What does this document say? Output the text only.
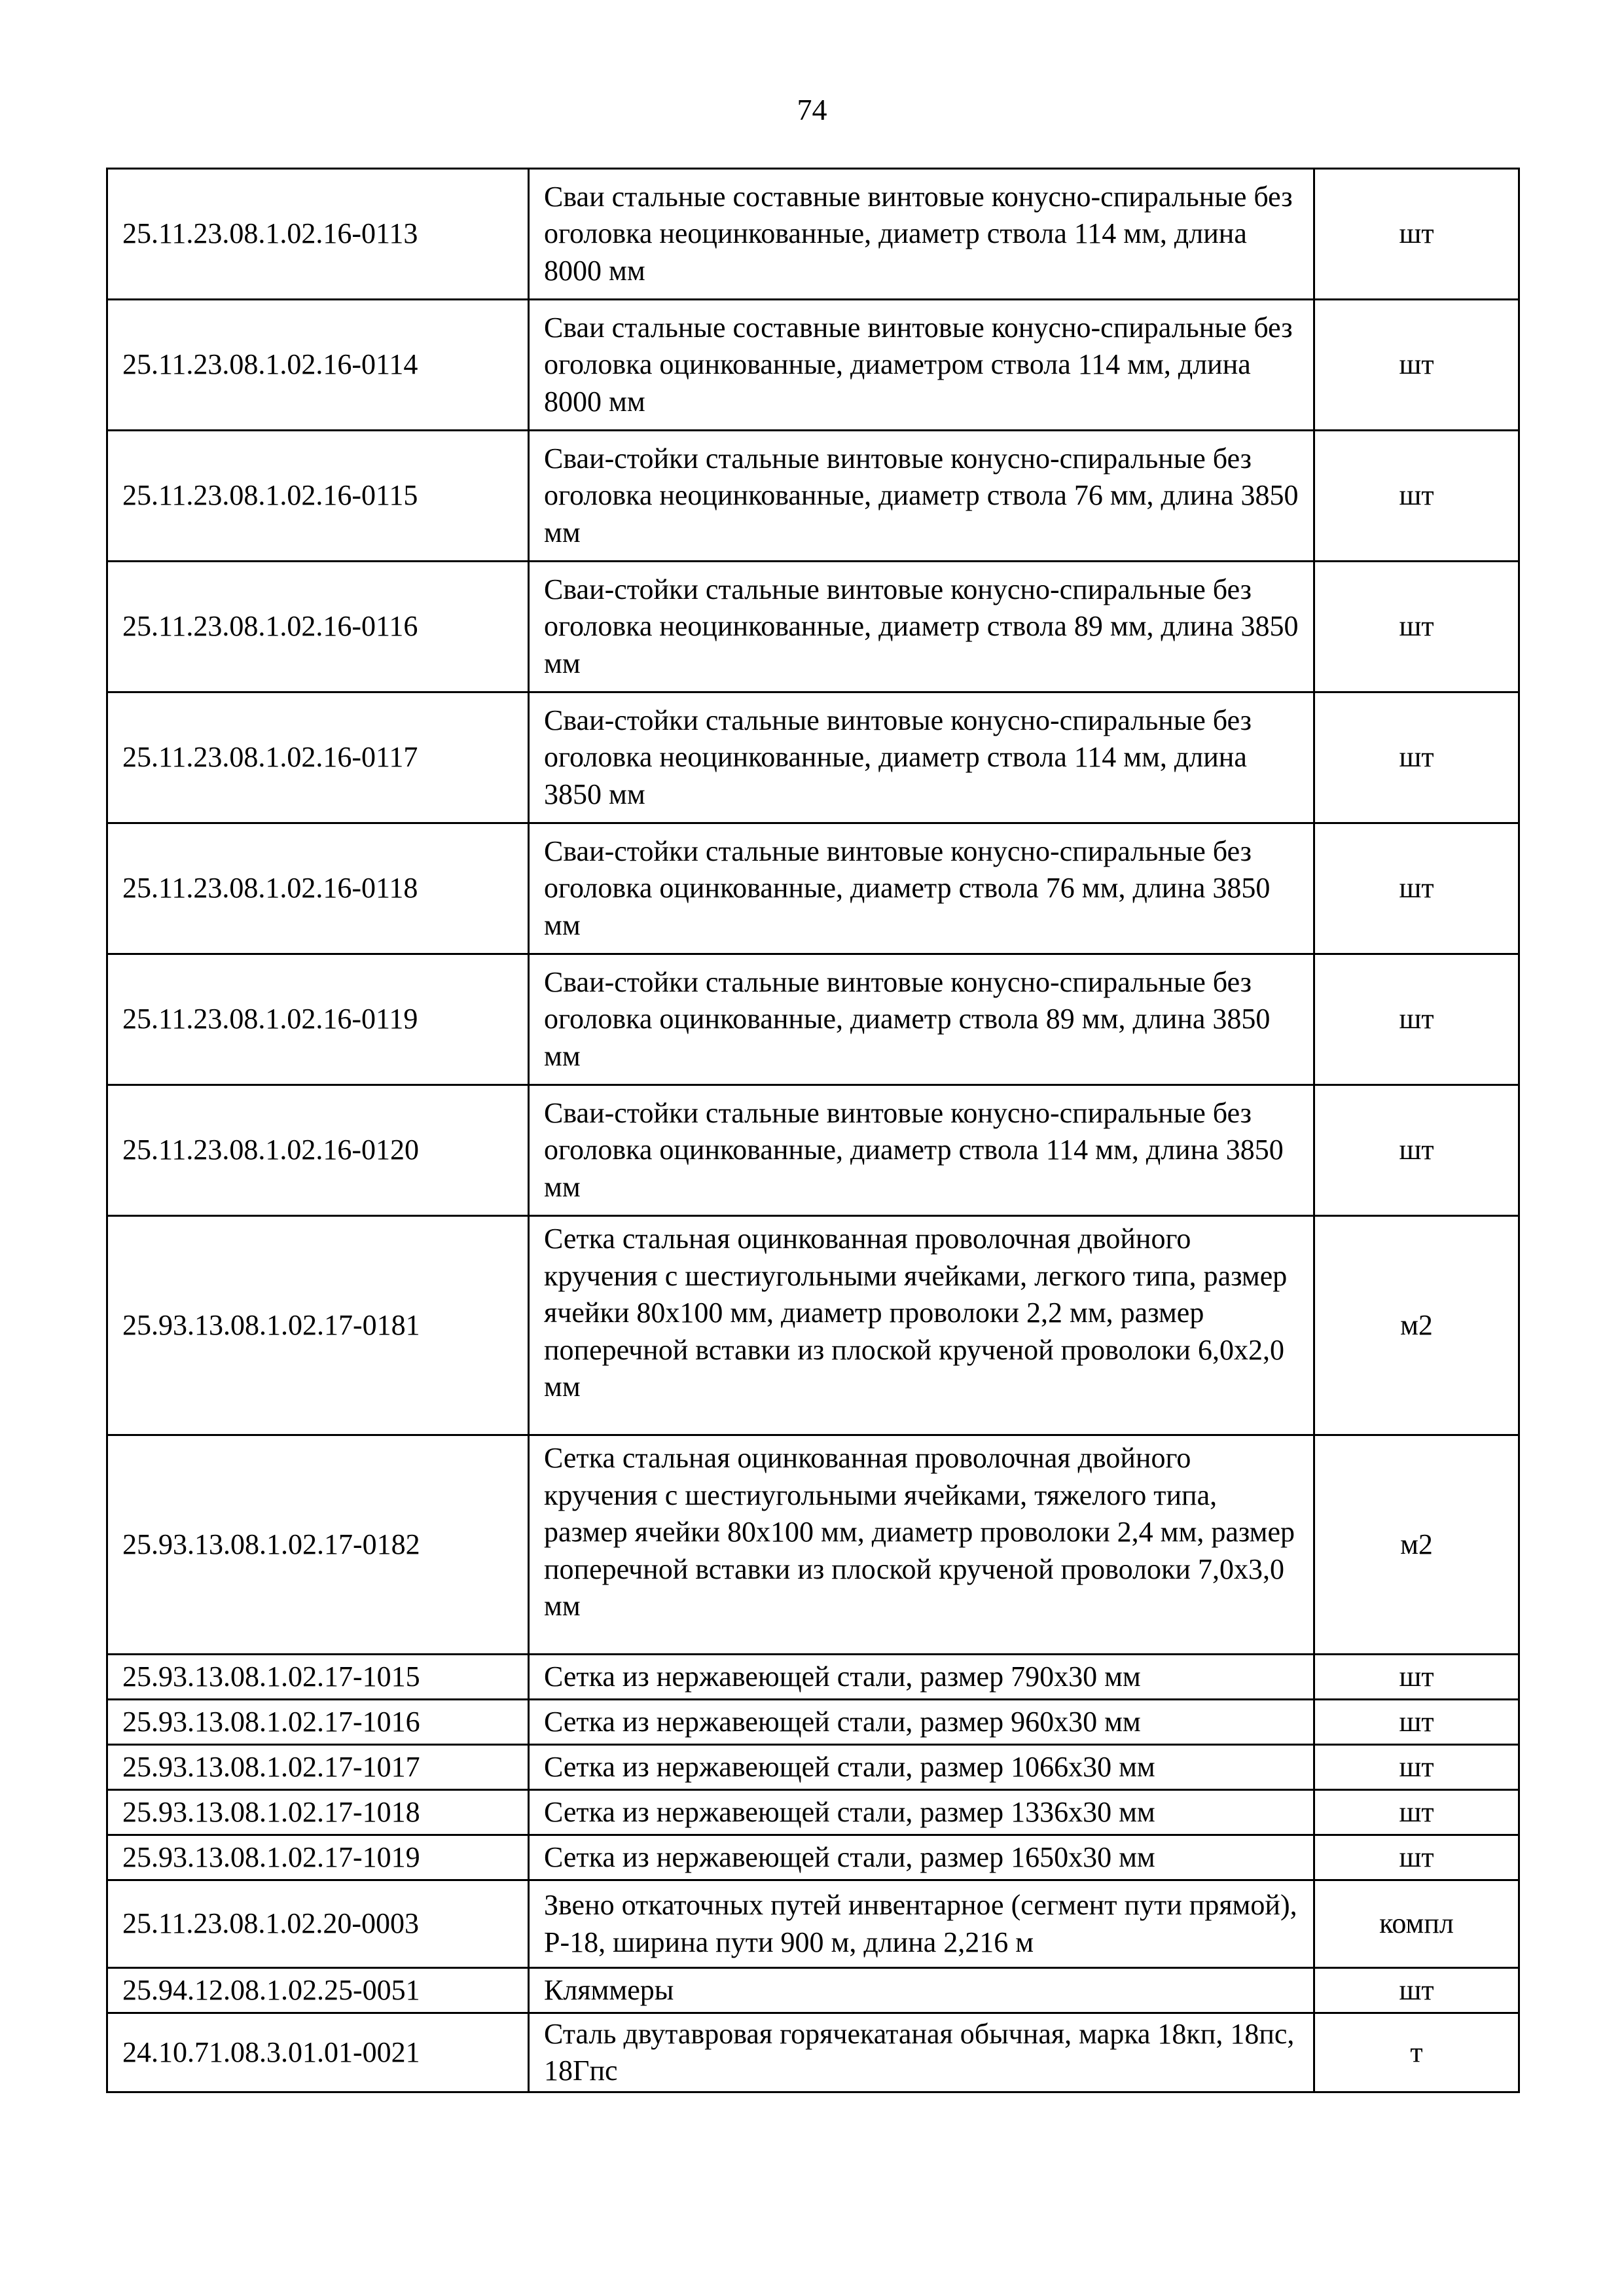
74
25.11.23.08.1.02.16-0113	Сваи стальные составные винтовые конусно-спиральные без оголовка неоцинкованные, диаметр ствола 114 мм, длина 8000 мм	шт
25.11.23.08.1.02.16-0114	Сваи стальные составные винтовые конусно-спиральные без оголовка оцинкованные, диаметром ствола 114 мм, длина 8000 мм	шт
25.11.23.08.1.02.16-0115	Сваи-стойки стальные винтовые конусно-спиральные без оголовка неоцинкованные, диаметр ствола 76 мм, длина 3850 мм	шт
25.11.23.08.1.02.16-0116	Сваи-стойки стальные винтовые конусно-спиральные без оголовка неоцинкованные, диаметр ствола 89 мм, длина 3850 мм	шт
25.11.23.08.1.02.16-0117	Сваи-стойки стальные винтовые конусно-спиральные без оголовка неоцинкованные, диаметр ствола 114 мм, длина 3850 мм	шт
25.11.23.08.1.02.16-0118	Сваи-стойки стальные винтовые конусно-спиральные без оголовка оцинкованные, диаметр ствола 76 мм, длина 3850 мм	шт
25.11.23.08.1.02.16-0119	Сваи-стойки стальные винтовые конусно-спиральные без оголовка оцинкованные, диаметр ствола 89 мм, длина 3850 мм	шт
25.11.23.08.1.02.16-0120	Сваи-стойки стальные винтовые конусно-спиральные без оголовка оцинкованные, диаметр ствола 114 мм, длина 3850 мм	шт
25.93.13.08.1.02.17-0181	Сетка стальная оцинкованная проволочная двойного кручения с шестиугольными ячейками, легкого типа, размер ячейки 80х100 мм, диаметр проволоки 2,2 мм, размер поперечной вставки из плоской крученой проволоки 6,0х2,0 мм	м2
25.93.13.08.1.02.17-0182	Сетка стальная оцинкованная проволочная двойного кручения с шестиугольными ячейками, тяжелого типа, размер ячейки 80х100 мм, диаметр проволоки 2,4 мм, размер поперечной вставки из плоской крученой проволоки 7,0х3,0 мм	м2
25.93.13.08.1.02.17-1015	Сетка из нержавеющей стали, размер 790х30 мм	шт
25.93.13.08.1.02.17-1016	Сетка из нержавеющей стали, размер 960х30 мм	шт
25.93.13.08.1.02.17-1017	Сетка из нержавеющей стали, размер 1066х30 мм	шт
25.93.13.08.1.02.17-1018	Сетка из нержавеющей стали, размер 1336х30 мм	шт
25.93.13.08.1.02.17-1019	Сетка из нержавеющей стали, размер 1650х30 мм	шт
25.11.23.08.1.02.20-0003	Звено откаточных путей инвентарное (сегмент пути прямой), Р-18, ширина пути 900 м, длина 2,216 м	компл
25.94.12.08.1.02.25-0051	Кляммеры	шт
24.10.71.08.3.01.01-0021	Сталь двутавровая горячекатаная обычная, марка 18кп, 18пс, 18Гпс	т
